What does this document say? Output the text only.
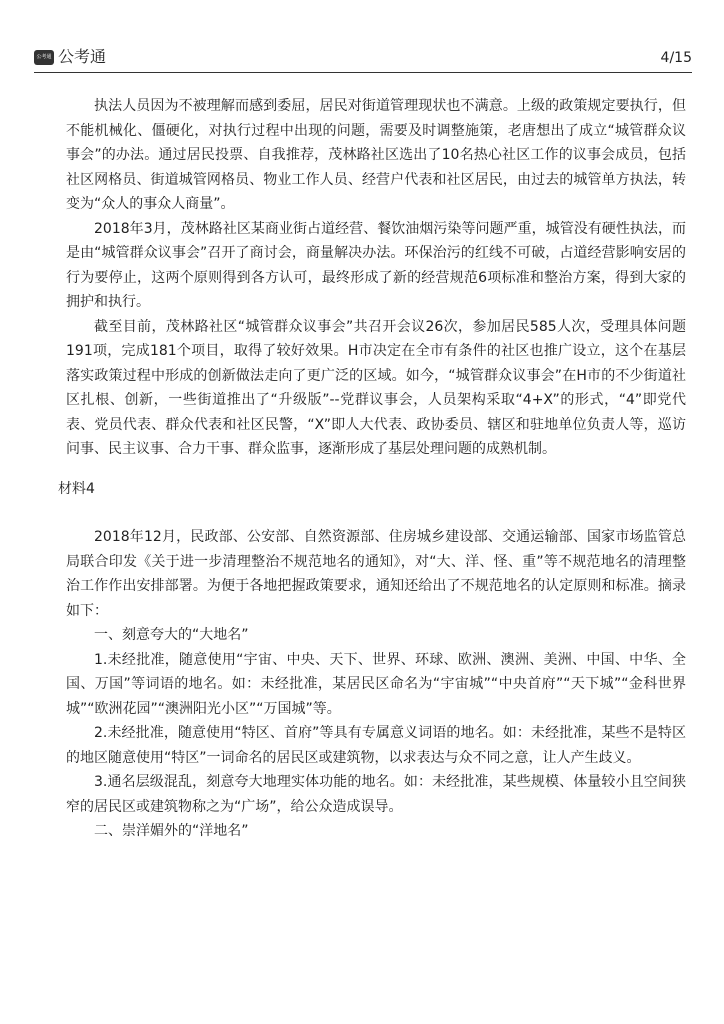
公考通 公考通	4/15

执法人员因为不被理解而感到委屈，居民对街道管理现状也不满意。上级的政策规定要执行，但不能机械化、僵硬化，对执行过程中出现的问题，需要及时调整施策，老唐想出了成立“城管群众议事会”的办法。通过居民投票、自我推荐，茂林路社区选出了10名热心社区工作的议事会成员，包括社区网格员、街道城管网格员、物业工作人员、经营户代表和社区居民，由过去的城管单方执法，转变为“众人的事众人商量”。

2018年3月，茂林路社区某商业街占道经营、餐饮油烟污染等问题严重，城管没有硬性执法，而是由“城管群众议事会”召开了商讨会，商量解决办法。环保治污的红线不可破，占道经营影响安居的行为要停止，这两个原则得到各方认可，最终形成了新的经营规范6项标准和整治方案，得到大家的拥护和执行。

截至目前，茂林路社区“城管群众议事会”共召开会议26次，参加居民585人次，受理具体问题191项，完成181个项目，取得了较好效果。H市决定在全市有条件的社区也推广设立，这个在基层落实政策过程中形成的创新做法走向了更广泛的区域。如今，“城管群众议事会”在H市的不少街道社区扎根、创新，一些街道推出了“升级版”--党群议事会，人员架构采取“4+X”的形式，“4”即党代表、党员代表、群众代表和社区民警，“X”即人大代表、政协委员、辖区和驻地单位负责人等，巡访问事、民主议事、合力干事、群众监事，逐渐形成了基层处理问题的成熟机制。

材料4

2018年12月，民政部、公安部、自然资源部、住房城乡建设部、交通运输部、国家市场监管总局联合印发《关于进一步清理整治不规范地名的通知》，对“大、洋、怪、重”等不规范地名的清理整治工作作出安排部署。为便于各地把握政策要求，通知还给出了不规范地名的认定原则和标准。摘录如下：

一、刻意夸大的“大地名”

1.未经批准，随意使用“宇宙、中央、天下、世界、环球、欧洲、澳洲、美洲、中国、中华、全国、万国”等词语的地名。如：未经批准，某居民区命名为“宇宙城”“中央首府”“天下城”“金科世界城”“欧洲花园”“澳洲阳光小区”“万国城”等。

2.未经批准，随意使用“特区、首府”等具有专属意义词语的地名。如：未经批准，某些不是特区的地区随意使用“特区”一词命名的居民区或建筑物，以求表达与众不同之意，让人产生歧义。

3.通名层级混乱，刻意夸大地理实体功能的地名。如：未经批准，某些规模、体量较小且空间狭窄的居民区或建筑物称之为“广场”，给公众造成误导。

二、崇洋媚外的“洋地名”
